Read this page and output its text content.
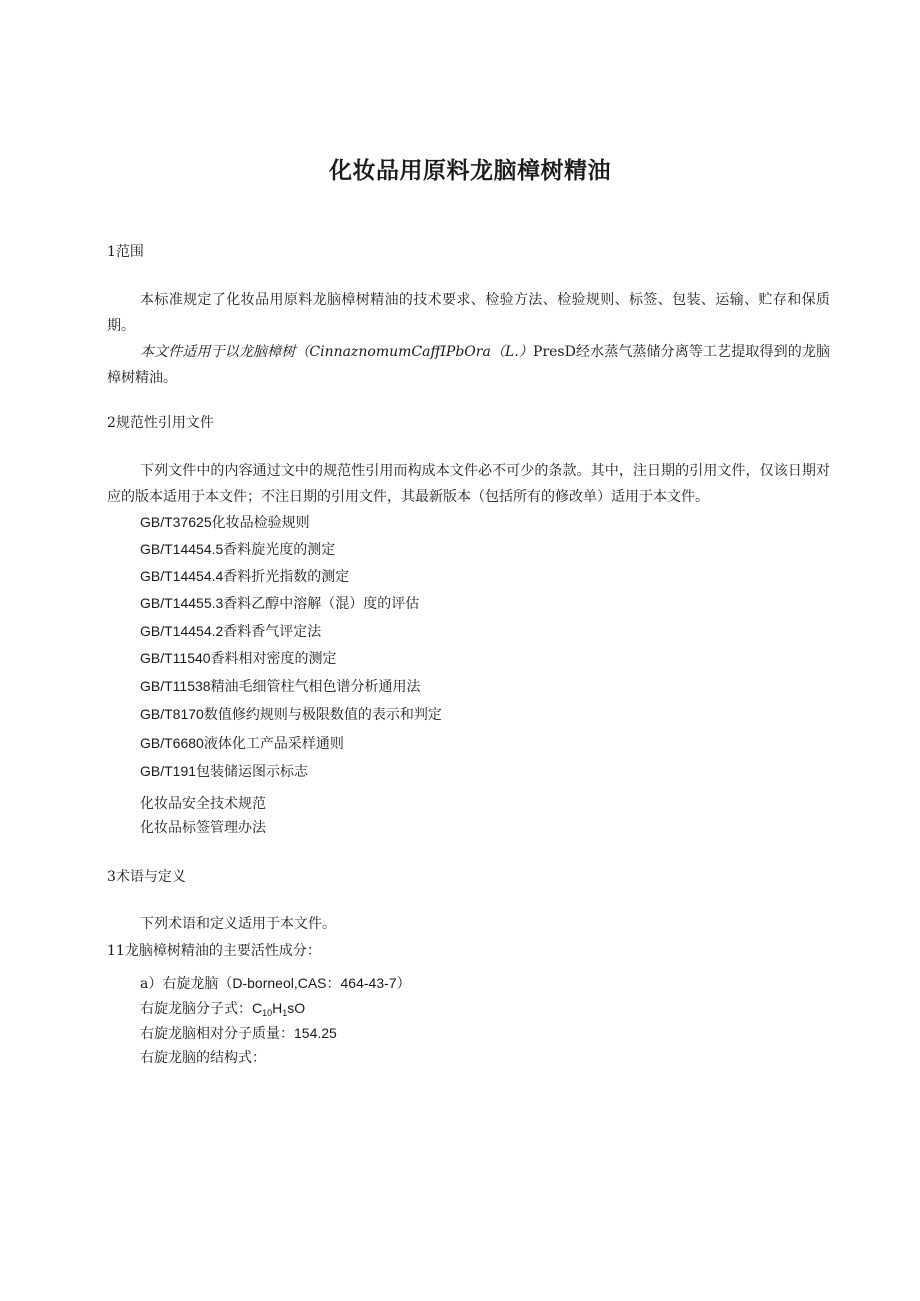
化妆品用原料龙脑樟树精油
1范围
本标准规定了化妆品用原料龙脑樟树精油的技术要求、检验方法、检验规则、标签、包装、运输、贮存和保质期。
本文件适用于以龙脑樟树（CinnaznomumCaffIPbOra（L.）PresD经水蒸气蒸储分离等工艺提取得到的龙脑樟树精油。
2规范性引用文件
下列文件中的内容通过文中的规范性引用而构成本文件必不可少的条款。其中，注日期的引用文件，仅该日期对应的版本适用于本文件；不注日期的引用文件，其最新版本（包括所有的修改单）适用于本文件。
GB/T37625化妆品检验规则
GB/T14454.5香料旋光度的测定
GB/T14454.4香料折光指数的测定
GB/T14455.3香料乙醇中溶解（混）度的评估
GB/T14454.2香料香气评定法
GB/T11540香料相对密度的测定
GB/T11538精油毛细管柱气相色谱分析通用法
GB/T8170数值修约规则与极限数值的表示和判定
GB/T6680液体化工产品采样通则
GB/T191包装储运图示标志
化妆品安全技术规范
化妆品标签管理办法
3术语与定义
下列术语和定义适用于本文件。
11龙脑樟树精油的主要活性成分：
a）右旋龙脑（D-borneol,CAS：464-43-7）
右旋龙脑分子式：$C_{10}H_1sO$
右旋龙脑相对分子质量：154.25
右旋龙脑的结构式：
